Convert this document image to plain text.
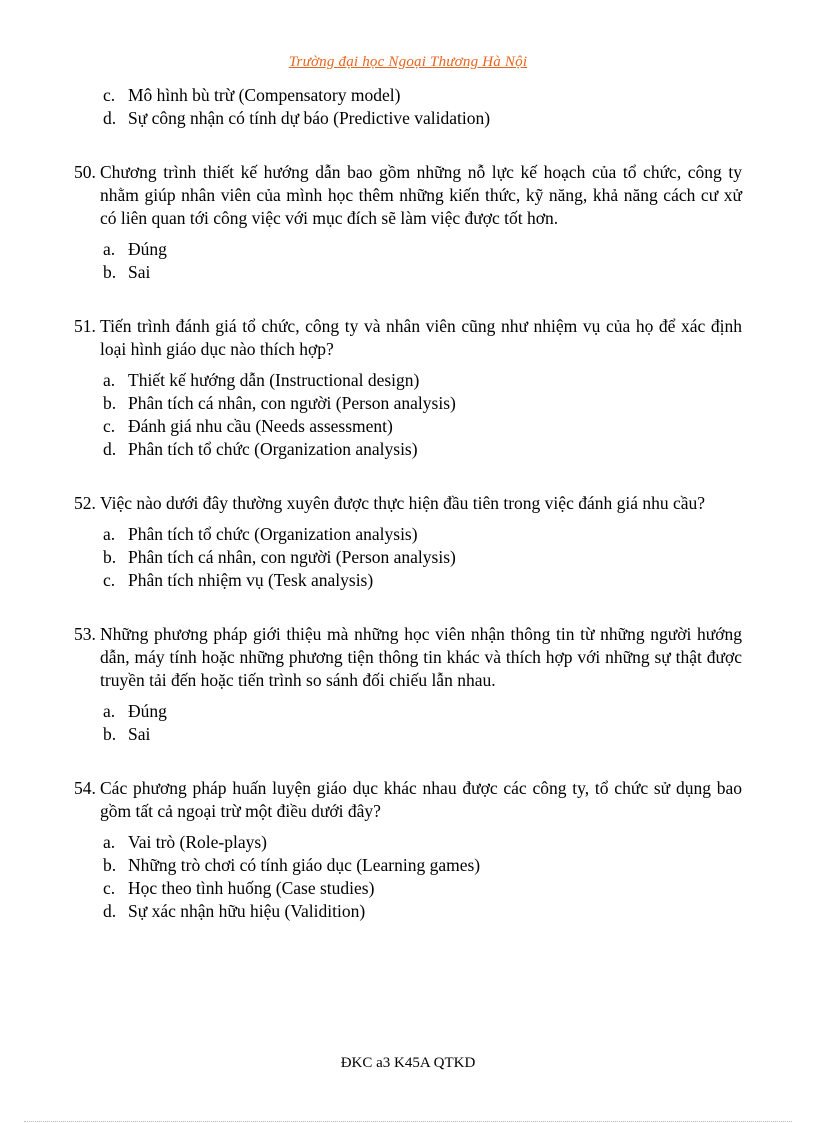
Trường đại học Ngoại Thương Hà Nội
c. Mô hình bù trừ (Compensatory model)
d. Sự công nhận có tính dự báo (Predictive validation)
50. Chương trình thiết kế hướng dẫn bao gồm những nỗ lực kế hoạch của tổ chức, công ty nhằm giúp nhân viên của mình học thêm những kiến thức, kỹ năng, khả năng cách cư xử có liên quan tới công việc với mục đích sẽ làm việc được tốt hơn.
a. Đúng
b. Sai
51. Tiến trình đánh giá tổ chức, công ty và nhân viên cũng như nhiệm vụ của họ để xác định loại hình giáo dục nào thích hợp?
a. Thiết kế hướng dẫn (Instructional design)
b. Phân tích cá nhân, con người (Person analysis)
c. Đánh giá nhu cầu (Needs assessment)
d. Phân tích tổ chức (Organization analysis)
52. Việc nào dưới đây thường xuyên được thực hiện đầu tiên trong việc đánh giá nhu cầu?
a. Phân tích tổ chức (Organization analysis)
b. Phân tích cá nhân, con người (Person analysis)
c. Phân tích nhiệm vụ (Tesk analysis)
53. Những phương pháp giới thiệu mà những học viên nhận thông tin từ những người hướng dẫn, máy tính hoặc những phương tiện thông tin khác và thích hợp với những sự thật được truyền tải đến hoặc tiến trình so sánh đối chiếu lẫn nhau.
a. Đúng
b. Sai
54. Các phương pháp huấn luyện giáo dục khác nhau được các công ty, tổ chức sử dụng bao gồm tất cả ngoại trừ một điều dưới đây?
a. Vai trò (Role-plays)
b. Những trò chơi có tính giáo dục (Learning games)
c. Học theo tình huống (Case studies)
d. Sự xác nhận hữu hiệu (Validition)
ĐKC a3 K45A QTKD
